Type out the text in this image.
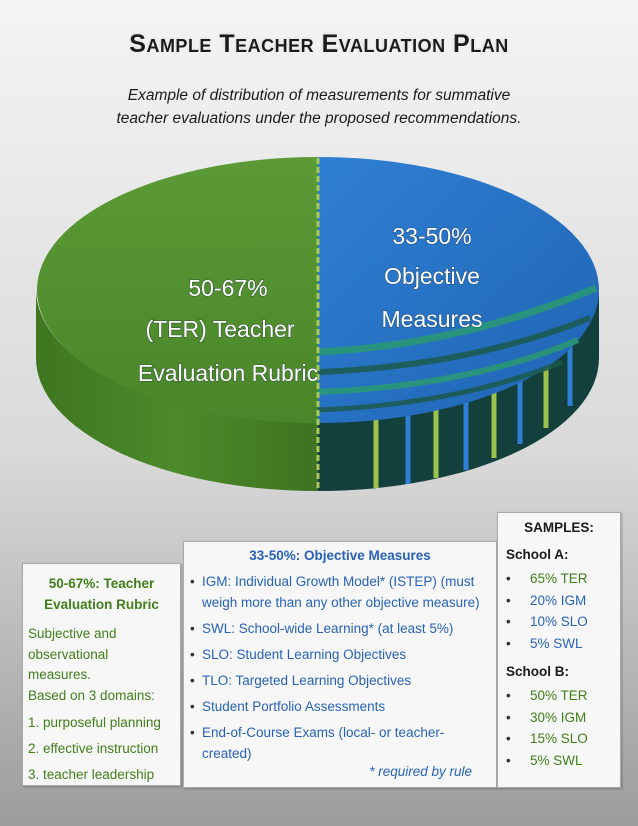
Sample Teacher Evaluation Plan
Example of distribution of measurements for summative
teacher evaluations under the proposed recommendations.
50-67%
(TER) Teacher
Evaluation Rubric
33-50%
Objective
Measures
50-67%: Teacher
Evaluation Rubric
Subjective and
observational measures.
Based on 3 domains:
1. purposeful planning
2. effective instruction
3. teacher leadership
33-50%: Objective Measures
• IGM: Individual Growth Model* (ISTEP) (must
weigh more than any other objective measure)
• SWL: School-wide Learning* (at least 5%)
• SLO: Student Learning Objectives
• TLO: Targeted Learning Objectives
• Student Portfolio Assessments
• End-of-Course Exams (local- or teacher-created)
* required by rule
SAMPLES:
School A:
• 65% TER
• 20% IGM
• 10% SLO
• 5% SWL
School B:
• 50% TER
• 30% IGM
• 15% SLO
• 5% SWL
